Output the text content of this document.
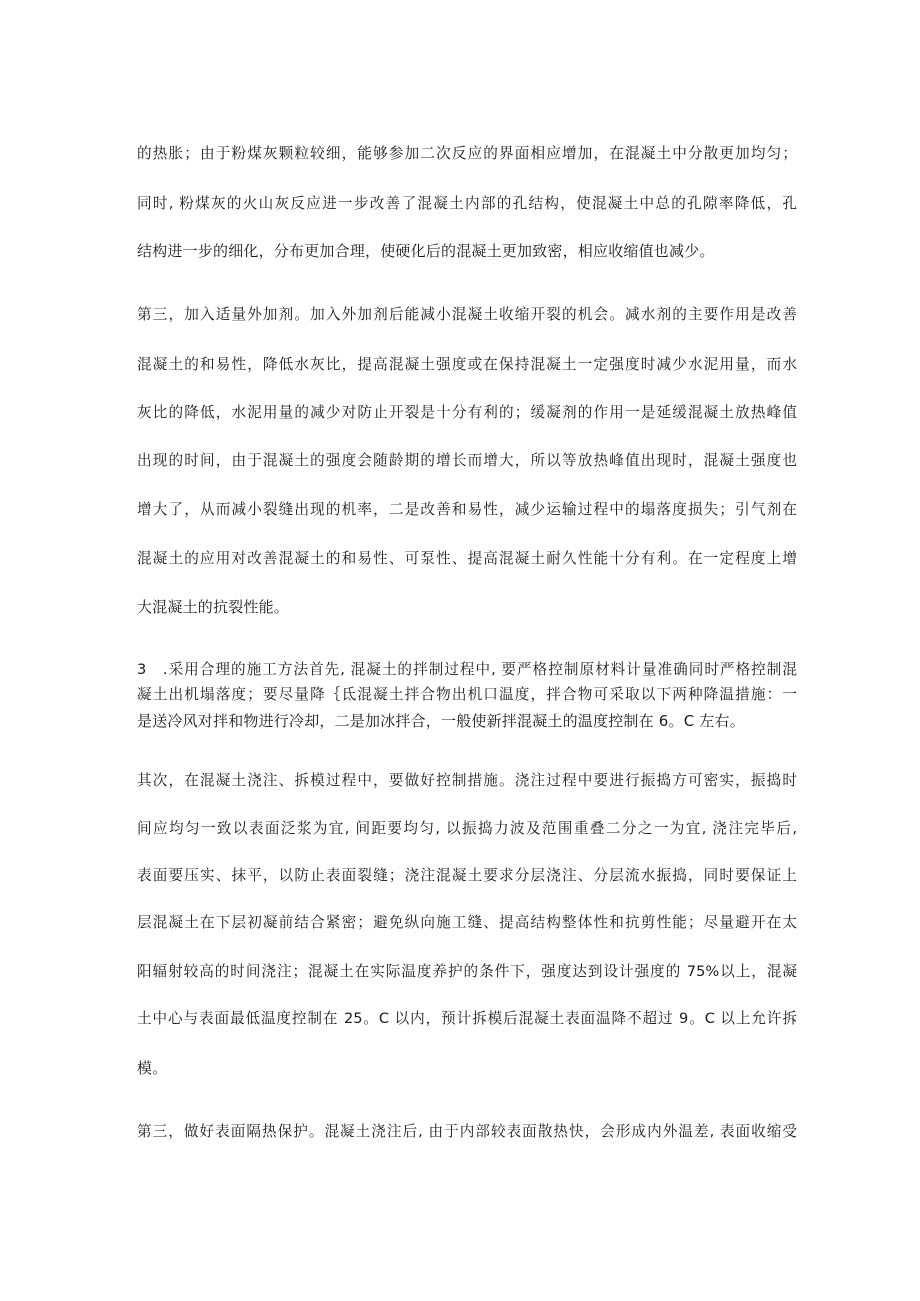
的热胀；由于粉煤灰颗粒较细，能够参加二次反应的界面相应增加，在混凝土中分散更加均匀；
同时, 粉煤灰的火山灰反应进一步改善了混凝土内部的孔结构，使混凝土中总的孔隙率降低，孔
结构进一步的细化，分布更加合理，使硬化后的混凝土更加致密，相应收缩值也减少。
第三，加入适量外加剂。加入外加剂后能减小混凝土收缩开裂的机会。减水剂的主要作用是改善
混凝土的和易性，降低水灰比，提高混凝土强度或在保持混凝土一定强度时减少水泥用量，而水
灰比的降低，水泥用量的减少对防止开裂是十分有利的；缓凝剂的作用一是延缓混凝土放热峰值
出现的时间，由于混凝土的强度会随龄期的增长而增大，所以等放热峰值出现时，混凝土强度也
增大了，从而减小裂缝出现的机率，二是改善和易性，减少运输过程中的塌落度损失；引气剂在
混凝土的应用对改善混凝土的和易性、可泵性、提高混凝土耐久性能十分有利。在一定程度上增
大混凝土的抗裂性能。
3　.采用合理的施工方法首先, 混凝土的拌制过程中, 要严格控制原材料计量准确同时严格控制混
凝土出机塌落度；要尽量降｛氐混凝土拌合物出机口温度，拌合物可采取以下两种降温措施：一
是送冷风对拌和物进行冷却，二是加冰拌合，一般使新拌混凝土的温度控制在 6。C 左右。
其次，在混凝土浇注、拆模过程中，要做好控制措施。浇注过程中要进行振捣方可密实，振捣时
间应均匀一致以表面泛浆为宜, 间距要均匀, 以振捣力波及范围重叠二分之一为宜, 浇注完毕后,
表面要压实、抹平，以防止表面裂缝；浇注混凝土要求分层浇注、分层流水振捣，同时要保证上
层混凝土在下层初凝前结合紧密；避免纵向施工缝、提高结构整体性和抗剪性能；尽量避开在太
阳辐射较高的时间浇注；混凝土在实际温度养护的条件下，强度达到设计强度的 75%以上，混凝
土中心与表面最低温度控制在 25。C 以内，预计拆模后混凝土表面温降不超过 9。C 以上允许拆
模。
第三，做好表面隔热保护。混凝土浇注后, 由于内部较表面散热快，会形成内外温差, 表面收缩受
